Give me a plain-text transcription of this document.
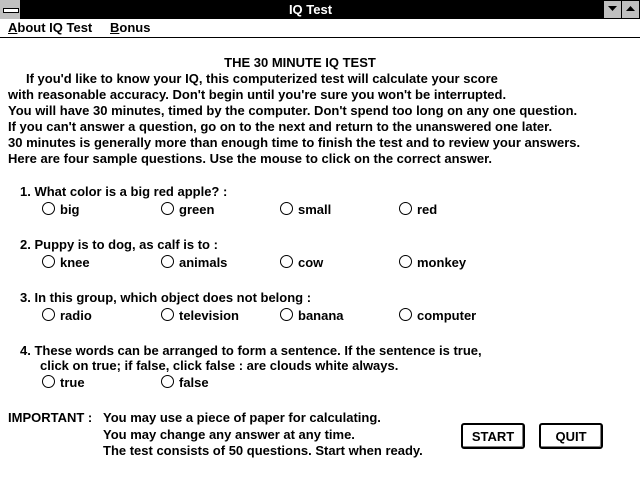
IQ Test
About IQ Test Bonus
THE 30 MINUTE IQ TEST
If you'd like to know your IQ, this computerized test will calculate your score
with reasonable accuracy. Don't begin until you're sure you won't be interrupted.
You will have 30 minutes, timed by the computer. Don't spend too long on any one question.
If you can't answer a question, go on to the next and return to the unanswered one later.
30 minutes is generally more than enough time to finish the test and to review your answers.
Here are four sample questions. Use the mouse to click on the correct answer.
1. What color is a big red apple? :
big	green	small	red
2. Puppy is to dog, as calf is to :
knee	animals	cow	monkey
3. In this group, which object does not belong :
radio	television	banana	computer
4. These words can be arranged to form a sentence. If the sentence is true,
click on true; if false, click false : are clouds white always.
true	false
IMPORTANT : You may use a piece of paper for calculating.
You may change any answer at any time.
The test consists of 50 questions. Start when ready.
START	QUIT
